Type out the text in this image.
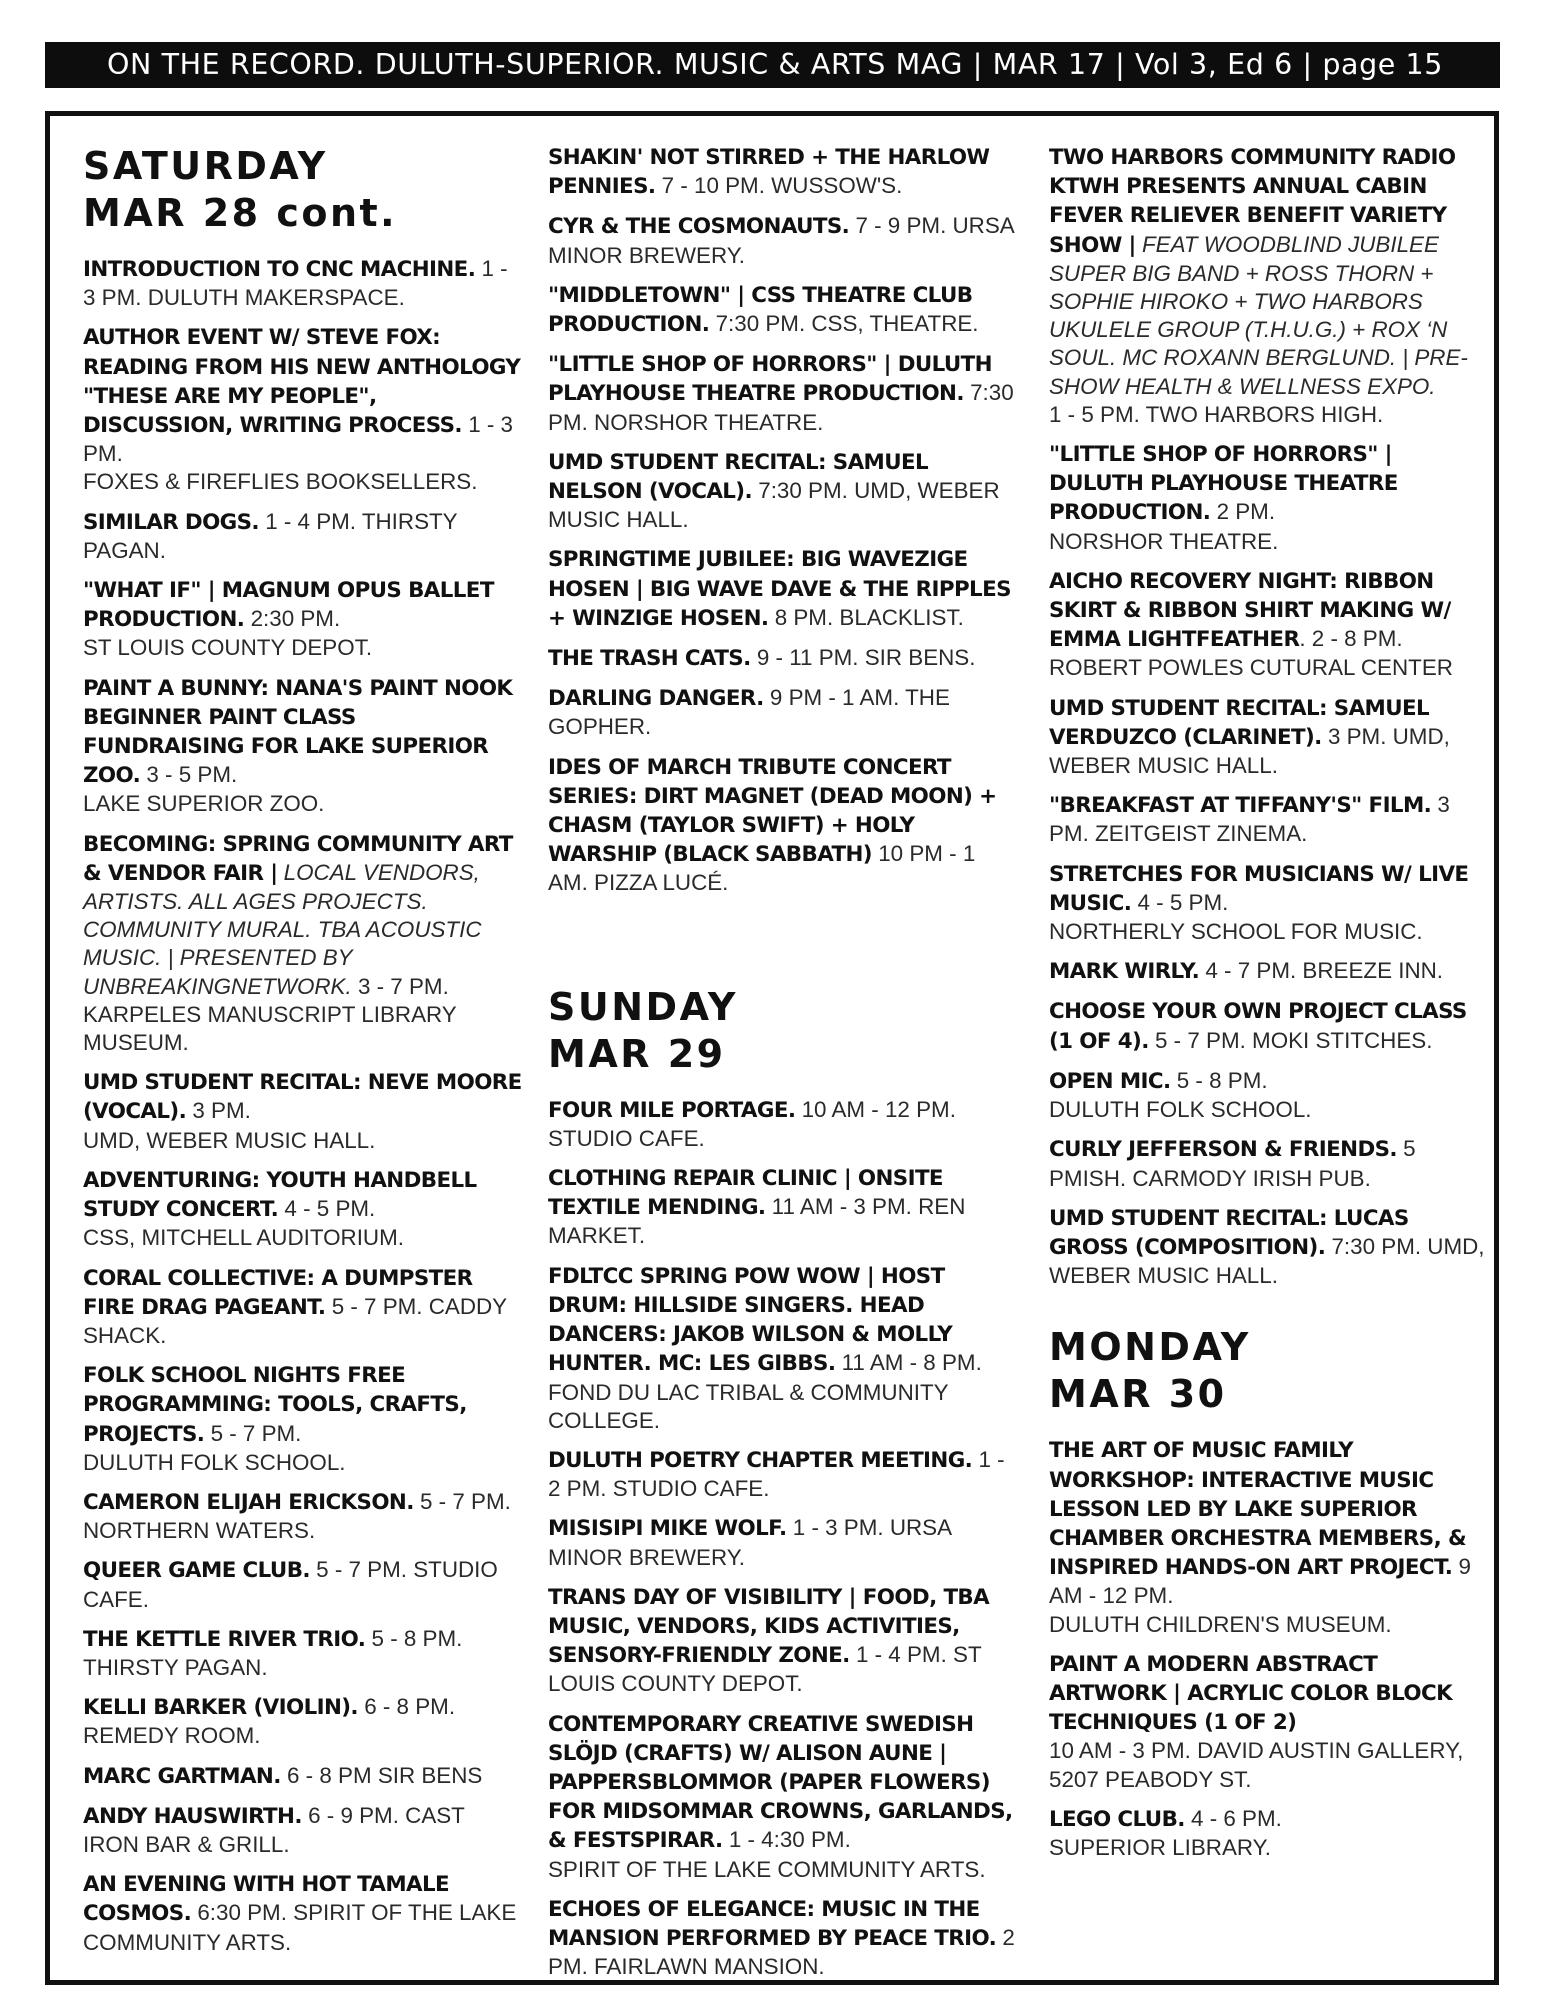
ON THE RECORD. DULUTH-SUPERIOR. MUSIC & ARTS MAG | MAR 17 | Vol 3, Ed 6 | page 15
SATURDAY
MAR 28 cont.
INTRODUCTION TO CNC MACHINE. 1 - 3 PM. DULUTH MAKERSPACE.
AUTHOR EVENT W/ STEVE FOX: READING FROM HIS NEW ANTHOLOGY "THESE ARE MY PEOPLE", DISCUSSION, WRITING PROCESS. 1 - 3 PM.
FOXES & FIREFLIES BOOKSELLERS.
SIMILAR DOGS. 1 - 4 PM. THIRSTY PAGAN.
"WHAT IF" | MAGNUM OPUS BALLET PRODUCTION. 2:30 PM.
ST LOUIS COUNTY DEPOT.
PAINT A BUNNY: NANA'S PAINT NOOK BEGINNER PAINT CLASS FUNDRAISING FOR LAKE SUPERIOR ZOO. 3 - 5 PM.
LAKE SUPERIOR ZOO.
BECOMING: SPRING COMMUNITY ART & VENDOR FAIR | LOCAL VENDORS, ARTISTS. ALL AGES PROJECTS. COMMUNITY MURAL. TBA ACOUSTIC MUSIC. | PRESENTED BY UNBREAKINGNETWORK. 3 - 7 PM.
KARPELES MANUSCRIPT LIBRARY MUSEUM.
UMD STUDENT RECITAL: NEVE MOORE (VOCAL). 3 PM.
UMD, WEBER MUSIC HALL.
ADVENTURING: YOUTH HANDBELL STUDY CONCERT. 4 - 5 PM.
CSS, MITCHELL AUDITORIUM.
CORAL COLLECTIVE: A DUMPSTER FIRE DRAG PAGEANT. 5 - 7 PM. CADDY SHACK.
FOLK SCHOOL NIGHTS FREE PROGRAMMING: TOOLS, CRAFTS, PROJECTS. 5 - 7 PM.
DULUTH FOLK SCHOOL.
CAMERON ELIJAH ERICKSON. 5 - 7 PM. NORTHERN WATERS.
QUEER GAME CLUB. 5 - 7 PM. STUDIO CAFE.
THE KETTLE RIVER TRIO. 5 - 8 PM. THIRSTY PAGAN.
KELLI BARKER (VIOLIN). 6 - 8 PM. REMEDY ROOM.
MARC GARTMAN. 6 - 8 PM SIR BENS
ANDY HAUSWIRTH. 6 - 9 PM. CAST IRON BAR & GRILL.
AN EVENING WITH HOT TAMALE COSMOS. 6:30 PM. SPIRIT OF THE LAKE COMMUNITY ARTS.
SHAKIN' NOT STIRRED + THE HARLOW PENNIES. 7 - 10 PM. WUSSOW'S.
CYR & THE COSMONAUTS. 7 - 9 PM. URSA MINOR BREWERY.
"MIDDLETOWN" | CSS THEATRE CLUB PRODUCTION. 7:30 PM. CSS, THEATRE.
"LITTLE SHOP OF HORRORS" | DULUTH PLAYHOUSE THEATRE PRODUCTION. 7:30 PM. NORSHOR THEATRE.
UMD STUDENT RECITAL: SAMUEL NELSON (VOCAL). 7:30 PM. UMD, WEBER MUSIC HALL.
SPRINGTIME JUBILEE: BIG WAVEZIGE HOSEN | BIG WAVE DAVE & THE RIPPLES + WINZIGE HOSEN. 8 PM. BLACKLIST.
THE TRASH CATS. 9 - 11 PM. SIR BENS.
DARLING DANGER. 9 PM - 1 AM. THE GOPHER.
IDES OF MARCH TRIBUTE CONCERT SERIES: DIRT MAGNET (DEAD MOON) + CHASM (TAYLOR SWIFT) + HOLY WARSHIP (BLACK SABBATH) 10 PM - 1 AM. PIZZA LUCÉ.
SUNDAY
MAR 29
FOUR MILE PORTAGE. 10 AM - 12 PM. STUDIO CAFE.
CLOTHING REPAIR CLINIC | ONSITE TEXTILE MENDING. 11 AM - 3 PM. REN MARKET.
FDLTCC SPRING POW WOW | HOST DRUM: HILLSIDE SINGERS. HEAD DANCERS: JAKOB WILSON & MOLLY HUNTER. MC: LES GIBBS. 11 AM - 8 PM.
FOND DU LAC TRIBAL & COMMUNITY COLLEGE.
DULUTH POETRY CHAPTER MEETING. 1 - 2 PM. STUDIO CAFE.
MISISIPI MIKE WOLF. 1 - 3 PM. URSA MINOR BREWERY.
TRANS DAY OF VISIBILITY | FOOD, TBA MUSIC, VENDORS, KIDS ACTIVITIES, SENSORY-FRIENDLY ZONE. 1 - 4 PM. ST LOUIS COUNTY DEPOT.
CONTEMPORARY CREATIVE SWEDISH SLÖJD (CRAFTS) W/ ALISON AUNE | PAPPERSBLOMMOR (PAPER FLOWERS) FOR MIDSOMMAR CROWNS, GARLANDS, & FESTSPIRAR. 1 - 4:30 PM.
SPIRIT OF THE LAKE COMMUNITY ARTS.
ECHOES OF ELEGANCE: MUSIC IN THE MANSION PERFORMED BY PEACE TRIO. 2 PM. FAIRLAWN MANSION.
TWO HARBORS COMMUNITY RADIO KTWH PRESENTS ANNUAL CABIN FEVER RELIEVER BENEFIT VARIETY SHOW | FEAT WOODBLIND JUBILEE SUPER BIG BAND + ROSS THORN + SOPHIE HIROKO + TWO HARBORS UKULELE GROUP (T.H.U.G.) + ROX ‘N SOUL. MC ROXANN BERGLUND. | PRE-SHOW HEALTH & WELLNESS EXPO.
1 - 5 PM. TWO HARBORS HIGH.
"LITTLE SHOP OF HORRORS" | DULUTH PLAYHOUSE THEATRE PRODUCTION. 2 PM.
NORSHOR THEATRE.
AICHO RECOVERY NIGHT: RIBBON SKIRT & RIBBON SHIRT MAKING W/ EMMA LIGHTFEATHER. 2 - 8 PM.
ROBERT POWLES CUTURAL CENTER
UMD STUDENT RECITAL: SAMUEL VERDUZCO (CLARINET). 3 PM. UMD, WEBER MUSIC HALL.
"BREAKFAST AT TIFFANY'S" FILM. 3 PM. ZEITGEIST ZINEMA.
STRETCHES FOR MUSICIANS W/ LIVE MUSIC. 4 - 5 PM.
NORTHERLY SCHOOL FOR MUSIC.
MARK WIRLY. 4 - 7 PM. BREEZE INN.
CHOOSE YOUR OWN PROJECT CLASS (1 OF 4). 5 - 7 PM. MOKI STITCHES.
OPEN MIC. 5 - 8 PM.
DULUTH FOLK SCHOOL.
CURLY JEFFERSON & FRIENDS. 5 PMISH. CARMODY IRISH PUB.
UMD STUDENT RECITAL: LUCAS GROSS (COMPOSITION). 7:30 PM. UMD, WEBER MUSIC HALL.
MONDAY
MAR 30
THE ART OF MUSIC FAMILY WORKSHOP: INTERACTIVE MUSIC LESSON LED BY LAKE SUPERIOR CHAMBER ORCHESTRA MEMBERS, & INSPIRED HANDS-ON ART PROJECT. 9 AM - 12 PM.
DULUTH CHILDREN'S MUSEUM.
PAINT A MODERN ABSTRACT ARTWORK | ACRYLIC COLOR BLOCK TECHNIQUES (1 OF 2)
10 AM - 3 PM. DAVID AUSTIN GALLERY, 5207 PEABODY ST.
LEGO CLUB. 4 - 6 PM.
SUPERIOR LIBRARY.
